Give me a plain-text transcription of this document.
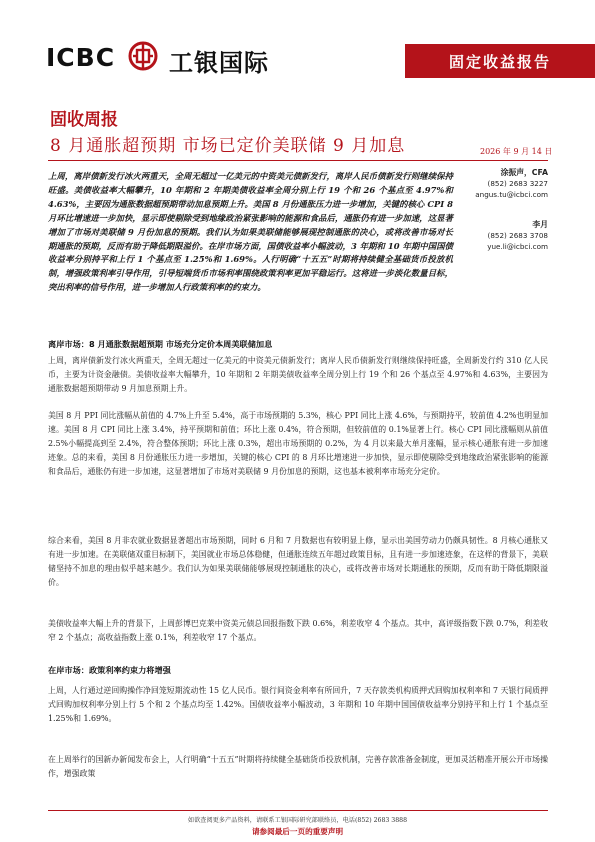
ICBC 工银国际	固定收益报告
固收周报
8 月通胀超预期 市场已定价美联储 9 月加息	2026 年 9 月 14 日
上周，离岸债新发行冰火两重天，全周无超过一亿美元的中资美元债新发行，离岸人民币债新发行则继续保持旺盛。美债收益率大幅攀升，10 年期和 2 年期美债收益率全周分别上行 19 个和 26 个基点至 4.97%和 4.63%，主要因为通胀数据超预期带动加息预期上升。美国 8 月份通胀压力进一步增加，关键的核心 CPI 8 月环比增速进一步加快，显示即使剔除受到地缘政治紧张影响的能源和食品后，通胀仍有进一步加速，这显著增加了市场对美联储 9 月份加息的预期。我们认为如果美联储能够展现控制通胀的决心，或将改善市场对长期通胀的预期，反而有助于降低期限溢价。在岸市场方面，国债收益率小幅波动，3 年期和 10 年期中国国债收益率分别持平和上行 1 个基点至 1.25%和 1.69%。人行明确“十五五”时期将持续健全基础货币投放机制，增强政策利率引导作用，引导短端货币市场利率围绕政策利率更加平稳运行。这将进一步淡化数量目标，突出利率的信号作用，进一步增加人行政策利率的约束力。
涂振声，CFA
(852) 2683 3227
angus.tu@icbci.com
李月
(852) 2683 3708
yue.li@icbci.com
离岸市场：8 月通胀数据超预期 市场充分定价本周美联储加息
上周，离岸债新发行冰火两重天，全周无超过一亿美元的中资美元债新发行；离岸人民币债新发行则继续保持旺盛，全周新发行约 310 亿人民币，主要为计资金融债。美债收益率大幅攀升，10 年期和 2 年期美债收益率全周分别上行 19 个和 26 个基点至 4.97%和 4.63%，主要因为通胀数据超预期带动 9 月加息预期上升。
美国 8 月 PPI 同比涨幅从前值的 4.7%上升至 5.4%，高于市场预期的 5.3%，核心 PPI 同比上涨 4.6%，与预期持平，较前值 4.2%也明显加速。美国 8 月 CPI 同比上涨 3.4%，持平预期和前值；环比上涨 0.4%，符合预期，但较前值的 0.1%显著上行。核心 CPI 同比涨幅则从前值 2.5%小幅提高到至 2.4%，符合整体预期；环比上涨 0.3%，超出市场预期的 0.2%，为 4 月以来最大单月涨幅，显示核心通胀有进一步加速迹象。总的来看，美国 8 月份通胀压力进一步增加，关键的核心 CPI 的 8 月环比增速进一步加快，显示即使剔除受到地缘政治紧张影响的能源和食品后，通胀仍有进一步加速，这显著增加了市场对美联储 9 月份加息的预期，这也基本被利率市场充分定价。
综合来看，美国 8 月非农就业数据显著超出市场预期，同时 6 月和 7 月数据也有较明显上修，显示出美国劳动力仍颇具韧性。8 月核心通胀又有进一步加速。在美联储双重目标制下，美国就业市场总体稳健，但通胀连续五年超过政策目标，且有进一步加速迹象，在这样的背景下，美联储坚持不加息的理由似乎越来越少。我们认为如果美联储能够展现控制通胀的决心，或将改善市场对长期通胀的预期，反而有助于降低期限溢价。
美债收益率大幅上升的背景下，上周彭博巴克莱中资美元债总回报指数下跌 0.6%，利差收窄 4 个基点。其中，高评级指数下跌 0.7%，利差收窄 2 个基点；高收益指数上涨 0.1%，利差收窄 17 个基点。
在岸市场：政策利率约束力将增强
上周，人行通过逆回购操作净回笼短期流动性 15 亿人民币。银行间资金利率有所回升，7 天存款类机构质押式回购加权利率和 7 天银行间质押式回购加权利率分别上行 5 个和 2 个基点均至 1.42%。国债收益率小幅波动，3 年期和 10 年期中国国债收益率分别持平和上行 1 个基点至 1.25%和 1.69%。
在上周举行的国新办新闻发布会上，人行明确“十五五”时期将持续健全基础货币投放机制，完善存款准备金制度，更加灵活精准开展公开市场操作，增强政策
如欲查阅更多产品资料，请联系工银国际研究部联络员，电话(852) 2683 3888
请参阅最后一页的重要声明
